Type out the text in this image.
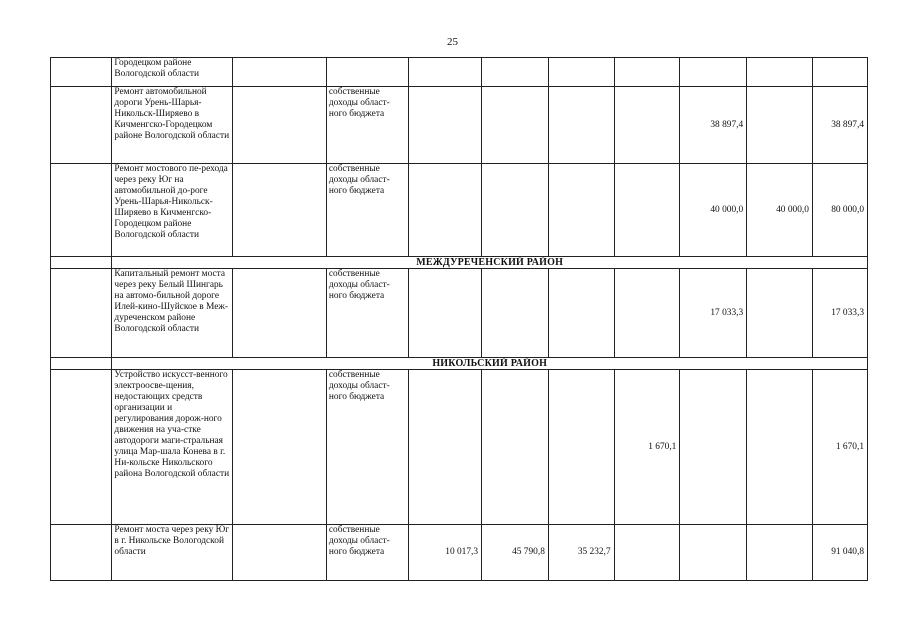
25
	Городецком районе Вологодской области									
	Ремонт автомобильной дороги Урень-Шарья-Никольск-Ширяево в Кичменгско-Городецком районе Вологодской области		собственные доходы област-ного бюджета					38 897,4		38 897,4
	Ремонт мостового пе-рехода через реку Юг на автомобильной до-роге Урень-Шарья-Никольск-Ширяево в Кичменгско-Городецком районе Вологодской области		собственные доходы област-ного бюджета					40 000,0	40 000,0	80 000,0
	МЕЖДУРЕЧЕНСКИЙ РАЙОН									
	Капитальный ремонт моста через реку Белый Шингарь на автомо-бильной дороге Илей-кино-Шуйское в Меж-дуреченском районе Вологодской области		собственные доходы област-ного бюджета					17 033,3		17 033,3
	НИКОЛЬСКИЙ РАЙОН									
	Устройство искусст-венного электроосве-щения, недостающих средств организации и регулирования дорож-ного движения на уча-стке автодороги маги-стральная улица Мар-шала Конева в г. Ни-кольске Никольского района Вологодской области		собственные доходы област-ного бюджета				1 670,1			1 670,1
	Ремонт моста через реку Юг в г. Никольске Вологодской области		собственные доходы област-ного бюджета	10 017,3	45 790,8	35 232,7				91 040,8
